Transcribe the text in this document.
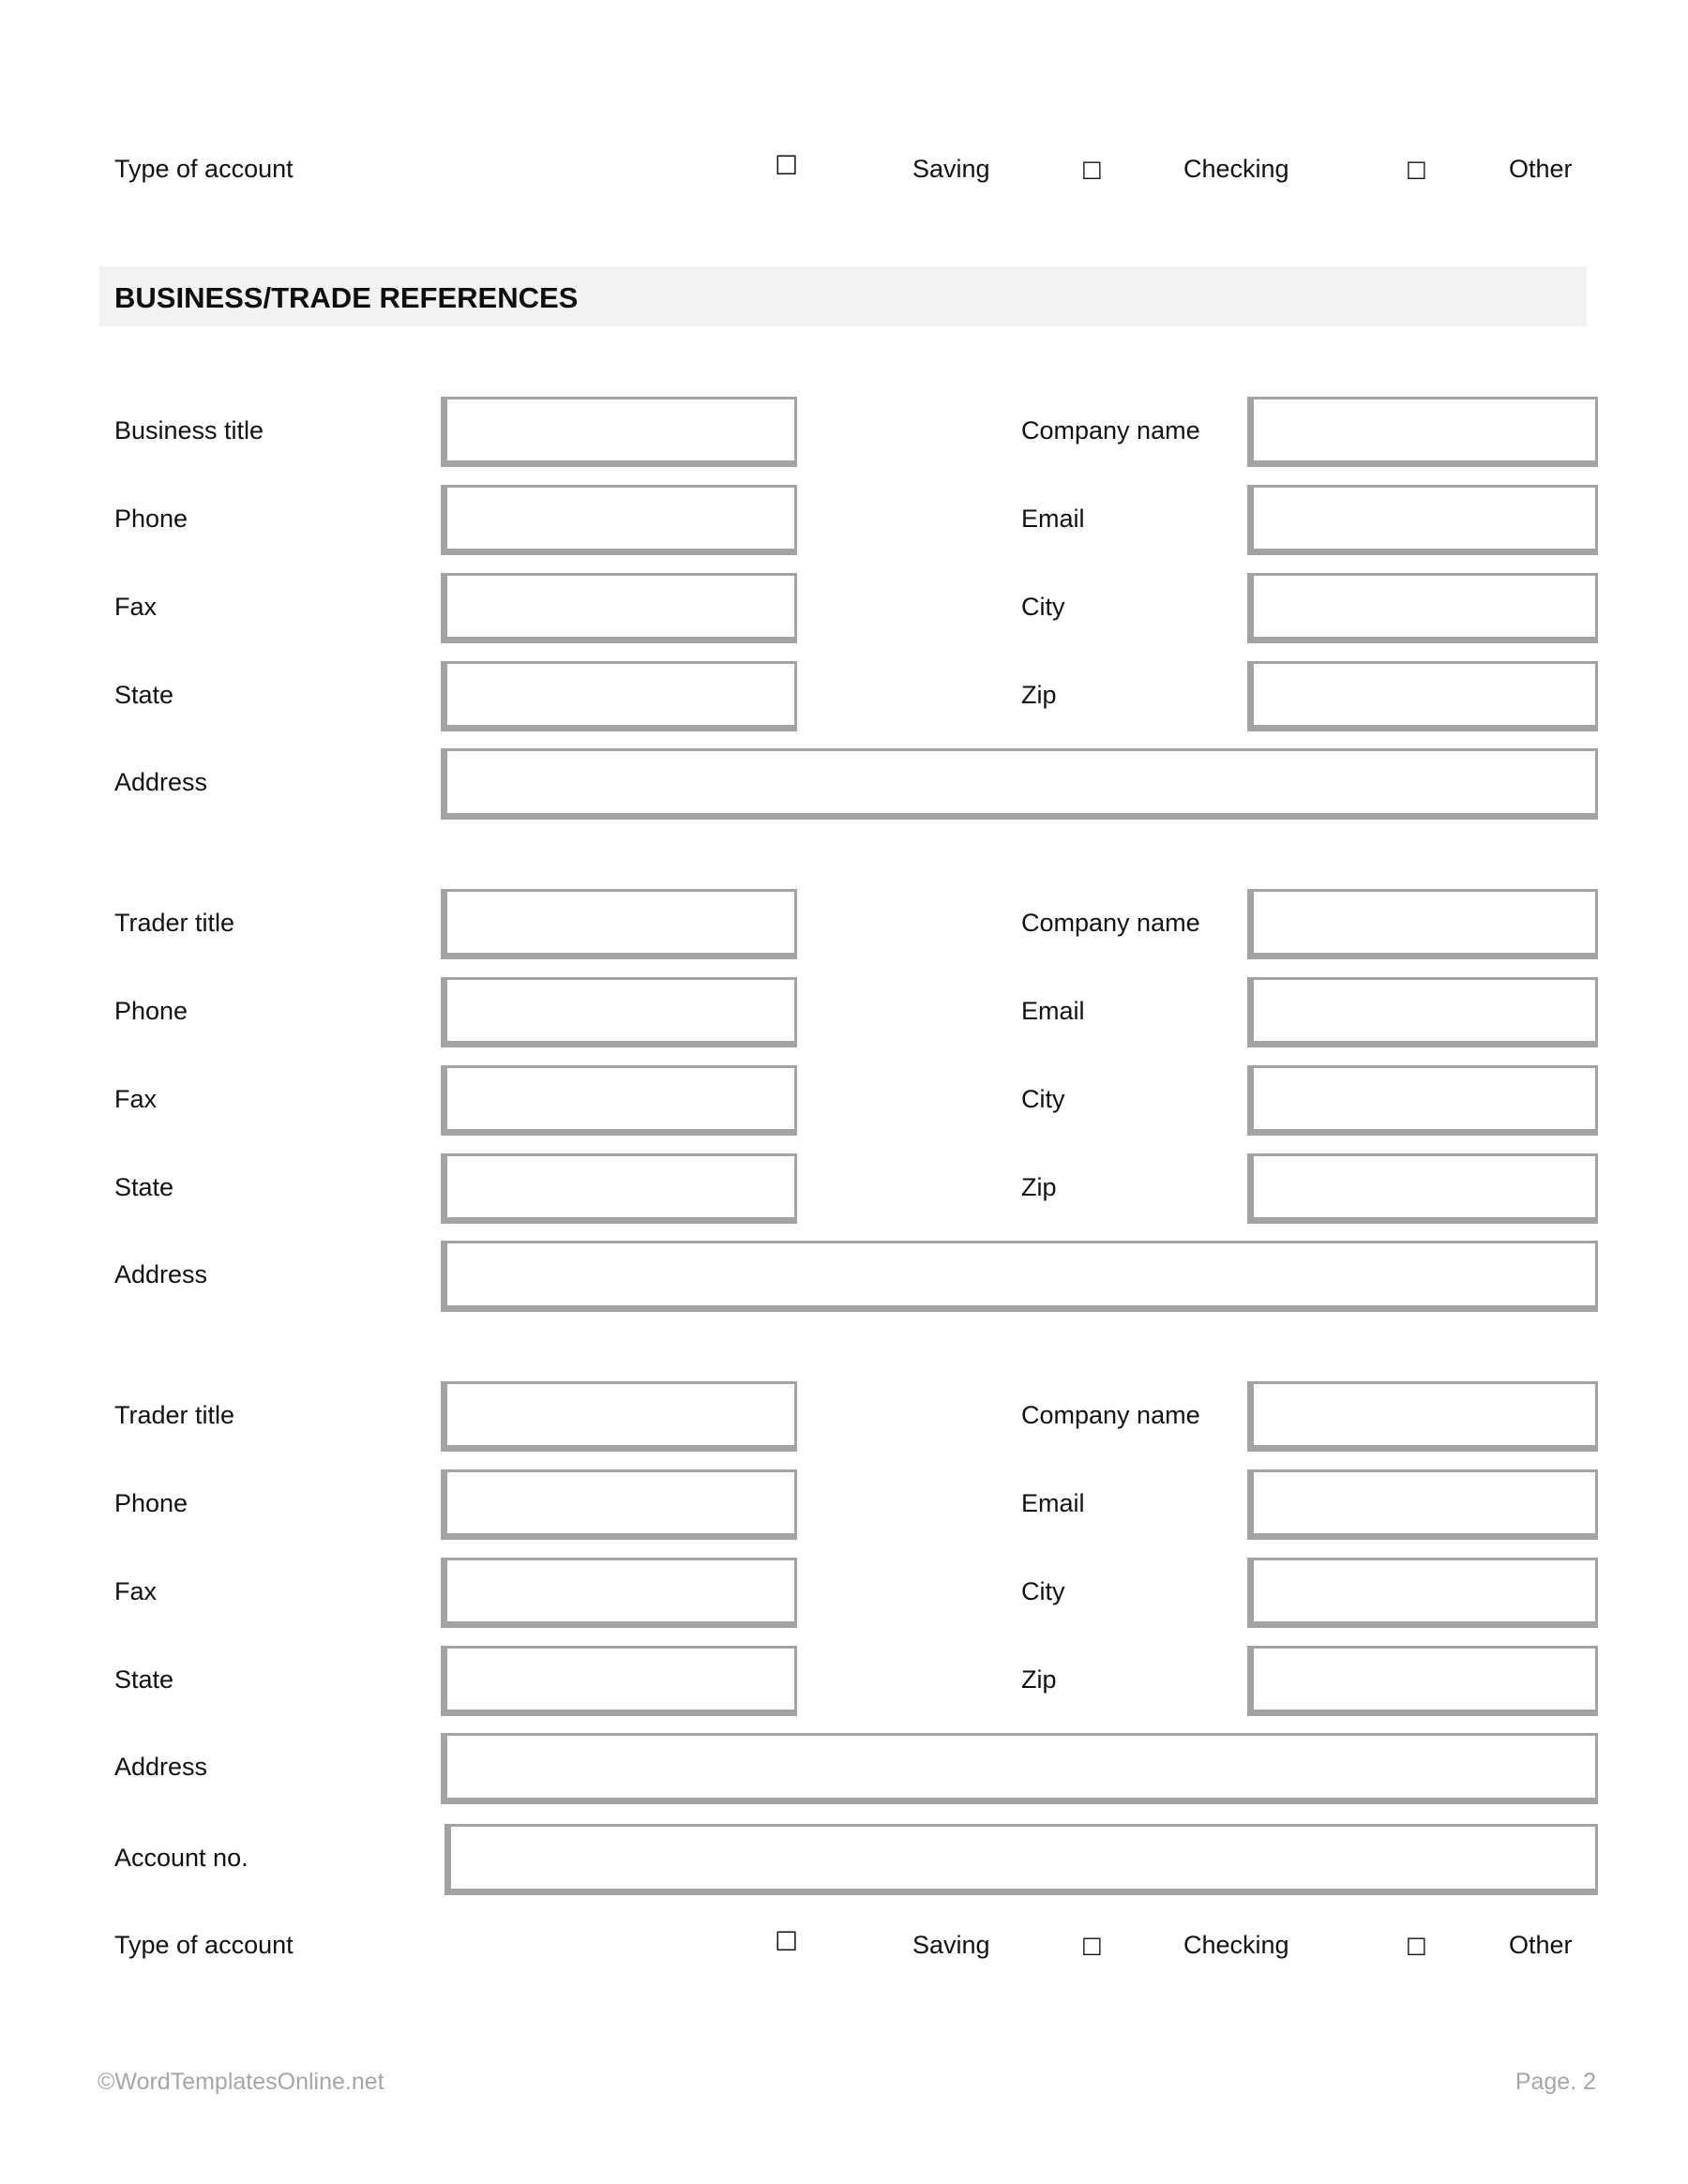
Type of account	☐	Saving	□	Checking	□	Other
BUSINESS/TRADE REFERENCES
Business title	Company name
Phone	Email
Fax	City
State	Zip
Address
Trader title	Company name
Phone	Email
Fax	City
State	Zip
Address
Trader title	Company name
Phone	Email
Fax	City
State	Zip
Address
Account no.
Type of account	☐	Saving	□	Checking	□	Other
©WordTemplatesOnline.net	Page. 2
